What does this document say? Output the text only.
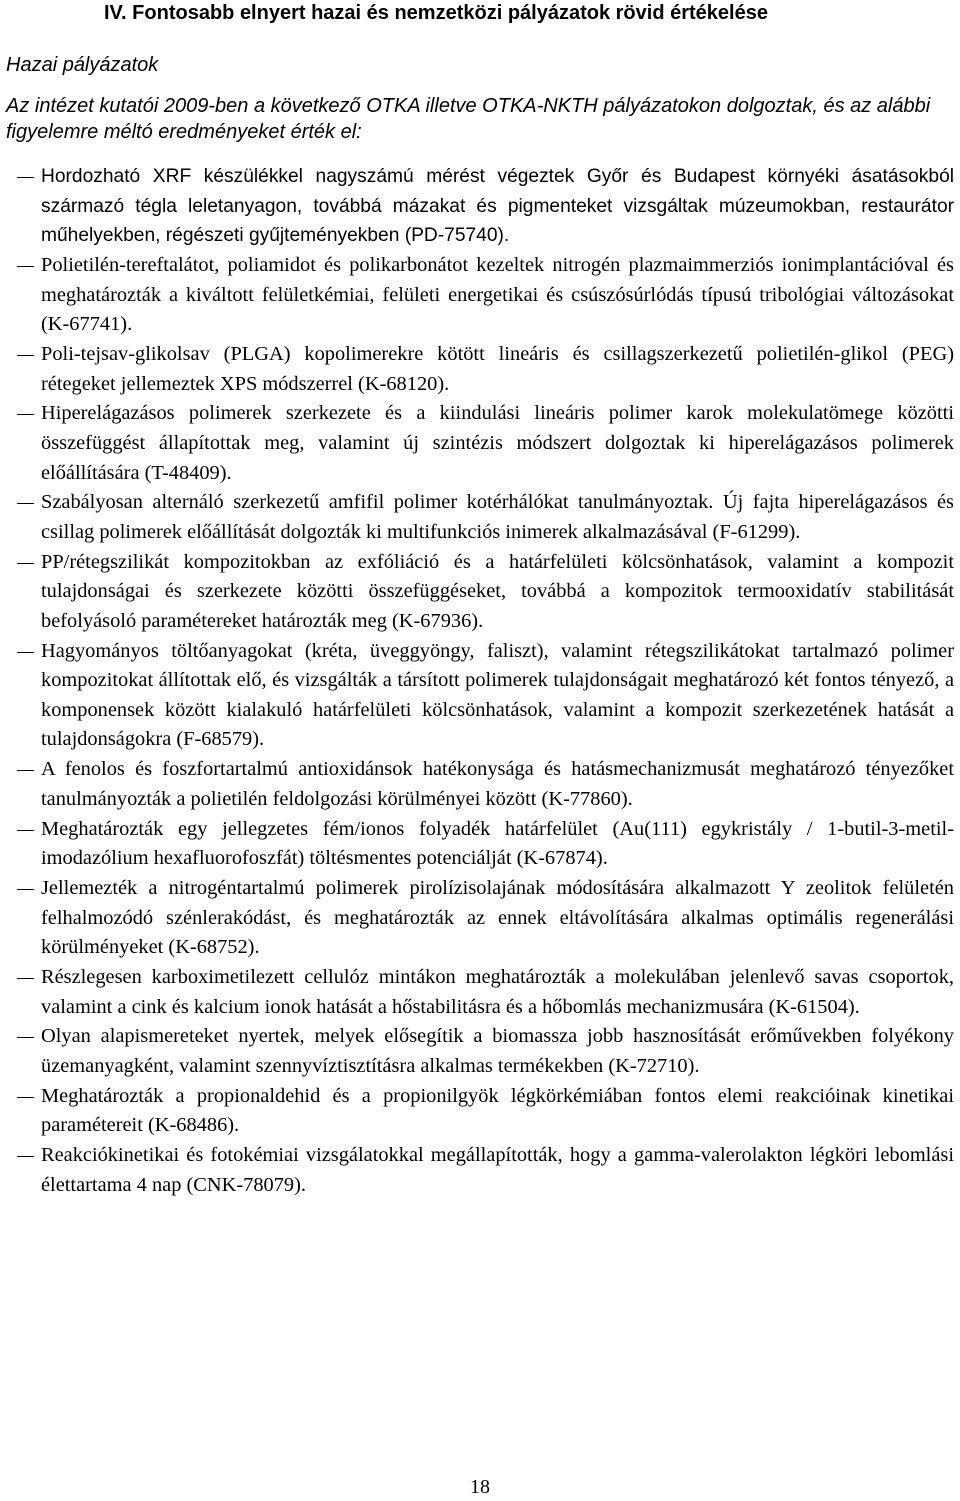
IV. Fontosabb elnyert hazai és nemzetközi pályázatok rövid értékelése
Hazai pályázatok
Az intézet kutatói 2009-ben a következő OTKA illetve OTKA-NKTH pályázatokon dolgoztak, és az alábbi figyelemre méltó eredményeket érték el:
Hordozható XRF készülékkel nagyszámú mérést végeztek Győr és Budapest környéki ásatásokból származó tégla leletanyagon, továbbá mázakat és pigmenteket vizsgáltak múzeumokban, restaurátor műhelyekben, régészeti gyűjteményekben (PD-75740).
Polietilén-tereftalátot, poliamidot és polikarbonátot kezeltek nitrogén plazmaimmerziós ionimplantációval és meghatározták a kiváltott felületkémiai, felületi energetikai és csúszósúrlódás típusú tribológiai változásokat (K-67741).
Poli-tejsav-glikolsav (PLGA) kopolimerekre kötött lineáris és csillagszerkezetű polietilén-glikol (PEG) rétegeket jellemeztek XPS módszerrel (K-68120).
Hiperelágazásos polimerek szerkezete és a kiindulási lineáris polimer karok molekulatömege közötti összefüggést állapítottak meg, valamint új szintézis módszert dolgoztak ki hiperelágazásos polimerek előállítására (T-48409).
Szabályosan alternáló szerkezetű amfifil polimer kotérhálókat tanulmányoztak. Új fajta hiperelágazásos és csillag polimerek előállítását dolgozták ki multifunkciós inimerek alkalmazásával (F-61299).
PP/rétegszilikát kompozitokban az exfóliáció és a határfelületi kölcsönhatások, valamint a kompozit tulajdonságai és szerkezete közötti összefüggéseket, továbbá a kompozitok termooxidatív stabilitását befolyásoló paramétereket határozták meg (K-67936).
Hagyományos töltőanyagokat (kréta, üveggyöngy, faliszt), valamint rétegszilikátokat tartalmazó polimer kompozitokat állítottak elő, és vizsgálták a társított polimerek tulajdonságait meghatározó két fontos tényező, a komponensek között kialakuló határfelületi kölcsönhatások, valamint a kompozit szerkezetének hatását a tulajdonságokra (F-68579).
A fenolos és foszfortartalmú antioxidánsok hatékonysága és hatásmechanizmusát meghatározó tényezőket tanulmányozták a polietilén feldolgozási körülményei között (K-77860).
Meghatározták egy jellegzetes fém/ionos folyadék határfelület (Au(111) egykristály / 1-butil-3-metil-imodazólium hexafluorofoszfát) töltésmentes potenciálját (K-67874).
Jellemezték a nitrogéntartalmú polimerek pirolízisolajának módosítására alkalmazott Y zeolitok felületén felhalmozódó szénlerakódást, és meghatározták az ennek eltávolítására alkalmas optimális regenerálási körülményeket (K-68752).
Részlegesen karboximetilezett cellulóz mintákon meghatározták a molekulában jelenlevő savas csoportok, valamint a cink és kalcium ionok hatását a hőstabilitásra és a hőbomlás mechanizmusára (K-61504).
Olyan alapismereteket nyertek, melyek elősegítik a biomassza jobb hasznosítását erőművekben folyékony üzemanyagként, valamint szennyvíztisztításra alkalmas termékekben (K-72710).
Meghatározták a propionaldehid és a propionilgyök légkörkémiában fontos elemi reakcióinak kinetikai paramétereit (K-68486).
Reakciókinetikai és fotokémiai vizsgálatokkal megállapították, hogy a gamma-valerolakton légköri lebomlási élettartama 4 nap (CNK-78079).
18
